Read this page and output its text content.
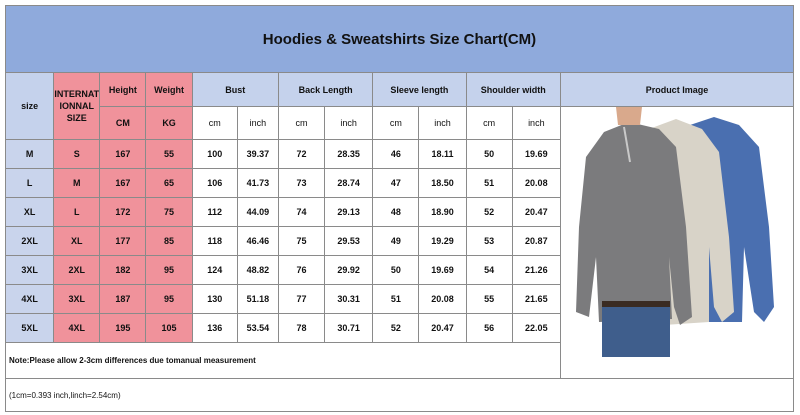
Hoodies & Sweatshirts Size Chart(CM)												
size	INTERNAT IONNAL SIZE	Height	Weight	Bust		Back Length		Sleeve length		Shoulder width		Product Image
		CM	KG	cm	inch	cm	inch	cm	inch	cm	inch	

M	S	167	55	100	39.37	72	28.35	46	18.11	50	19.69	
L	M	167	65	106	41.73	73	28.74	47	18.50	51	20.08	
XL	L	172	75	112	44.09	74	29.13	48	18.90	52	20.47	
2XL	XL	177	85	118	46.46	75	29.53	49	19.29	53	20.87	
3XL	2XL	182	95	124	48.82	76	29.92	50	19.69	54	21.26	
4XL	3XL	187	95	130	51.18	77	30.31	51	20.08	55	21.65	
5XL	4XL	195	105	136	53.54	78	30.71	52	20.47	56	22.05	
Note:Please allow 2-3cm differences due tomanual measurement												
(1cm=0.393 inch,linch=2.54cm)												
